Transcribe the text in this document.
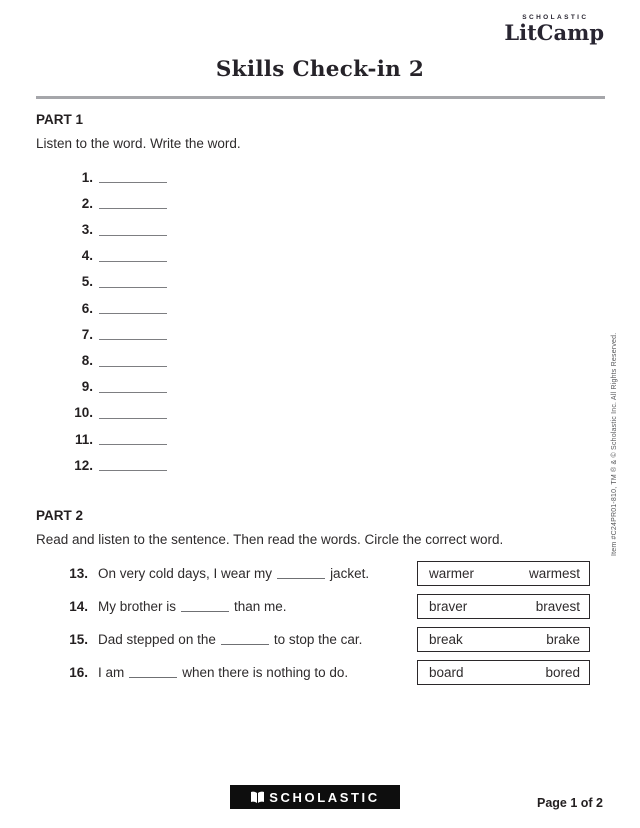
SCHOLASTIC
LitCamp
Skills Check-in 2
PART 1
Listen to the word. Write the word.
1.
2.
3.
4.
5.
6.
7.
8.
9.
10.
11.
12.
PART 2
Read and listen to the sentence. Then read the words. Circle the correct word.
13. On very cold days, I wear my	jacket.	warmer	warmest
14. My brother is	than me.	braver	bravest
15. Dad stepped on the	to stop the car.	break	brake
16. I am	when there is nothing to do.	board	bored
Item #C24PR01-810, TM ® & © Scholastic Inc. All Rights Reserved.
SCHOLASTIC	Page 1 of 2
